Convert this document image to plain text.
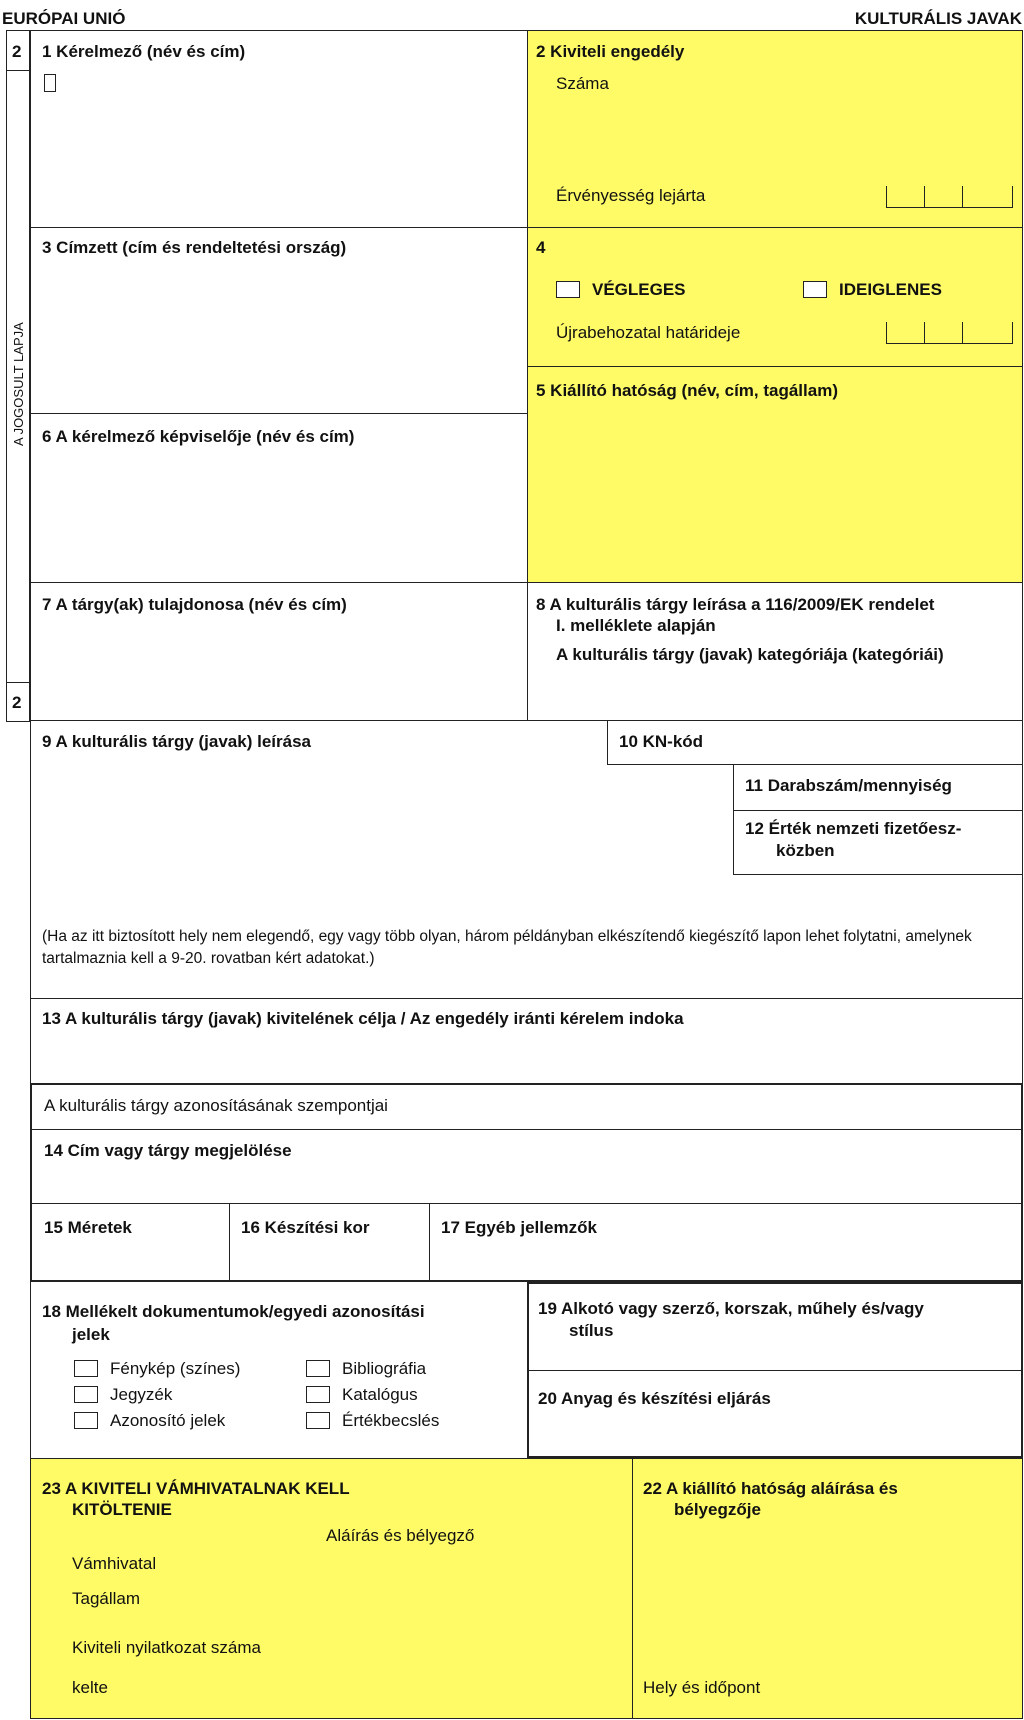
EURÓPAI UNIÓ	KULTURÁLIS JAVAK
2
A JOGOSULT LAPJA
2
1 Kérelmező (név és cím)	2 Kiviteli engedély
Száma
Érvényesség lejárta
3 Címzett (cím és rendeltetési ország)	4
VÉGLEGES	IDEIGLENES
Újrabehozatal határideje
5 Kiállító hatóság (név, cím, tagállam)
6 A kérelmező képviselője (név és cím)
7 A tárgy(ak) tulajdonosa (név és cím)	8 A kulturális tárgy leírása a 116/2009/EK rendelet
I. melléklete alapján
A kulturális tárgy (javak) kategóriája (kategóriái)
9 A kulturális tárgy (javak) leírása	10 KN-kód
11 Darabszám/mennyiség
12 Érték nemzeti fizetőesz-
közben
(Ha az itt biztosított hely nem elegendő, egy vagy több olyan, három példányban elkészítendő kiegészítő lapon lehet folytatni, amelynek tartalmaznia kell a 9-20. rovatban kért adatokat.)
13 A kulturális tárgy (javak) kivitelének célja / Az engedély iránti kérelem indoka
A kulturális tárgy azonosításának szempontjai
14 Cím vagy tárgy megjelölése
15 Méretek	16 Készítési kor	17 Egyéb jellemzők
18 Mellékelt dokumentumok/egyedi azonosítási
jelek
Fénykép (színes)
Jegyzék
Azonosító jelek
Bibliográfia
Katalógus
Értékbecslés
19 Alkotó vagy szerző, korszak, műhely és/vagy
stílus
20 Anyag és készítési eljárás
23 A KIVITELI VÁMHIVATALNAK KELL
KITÖLTENIE
Aláírás és bélyegző
Vámhivatal
Tagállam
Kiviteli nyilatkozat száma
kelte
22 A kiállító hatóság aláírása és
bélyegzője
Hely és időpont
